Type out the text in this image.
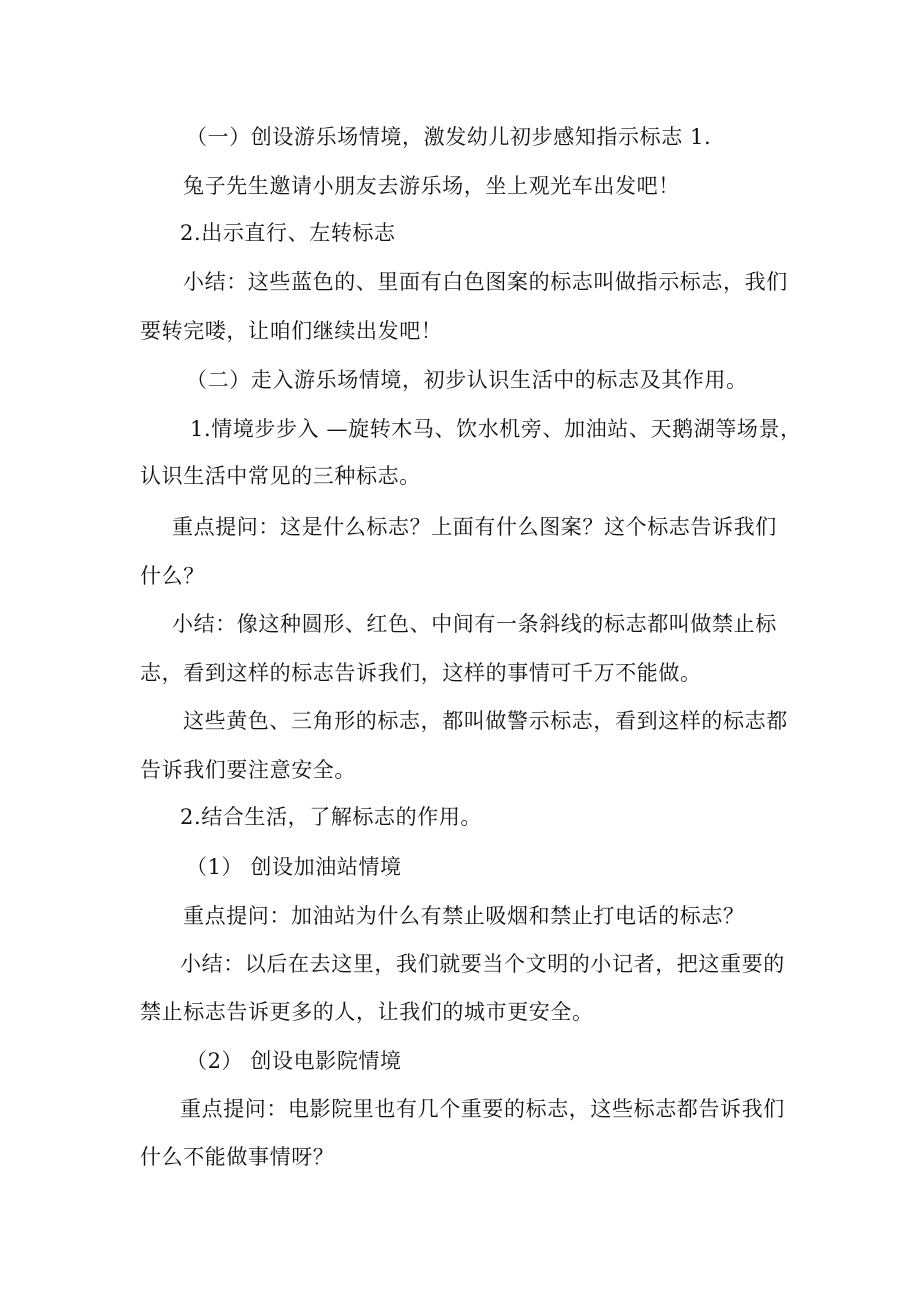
（一）创设游乐场情境，激发幼儿初步感知指示标志 1.
兔子先生邀请小朋友去游乐场，坐上观光车出发吧！
2.出示直行、左转标志
小结：这些蓝色的、里面有白色图案的标志叫做指示标志，我们
要转完喽，让咱们继续出发吧！
（二）走入游乐场情境，初步认识生活中的标志及其作用。
1.情境步步入 —旋转木马、饮水机旁、加油站、天鹅湖等场景，
认识生活中常见的三种标志。
重点提问：这是什么标志？上面有什么图案？这个标志告诉我们
什么？
小结：像这种圆形、红色、中间有一条斜线的标志都叫做禁止标
志，看到这样的标志告诉我们，这样的事情可千万不能做。
这些黄色、三角形的标志，都叫做警示标志，看到这样的标志都
告诉我们要注意安全。
2.结合生活，了解标志的作用。
（1） 创设加油站情境
重点提问：加油站为什么有禁止吸烟和禁止打电话的标志？
小结：以后在去这里，我们就要当个文明的小记者，把这重要的
禁止标志告诉更多的人，让我们的城市更安全。
（2） 创设电影院情境
重点提问：电影院里也有几个重要的标志，这些标志都告诉我们
什么不能做事情呀？
